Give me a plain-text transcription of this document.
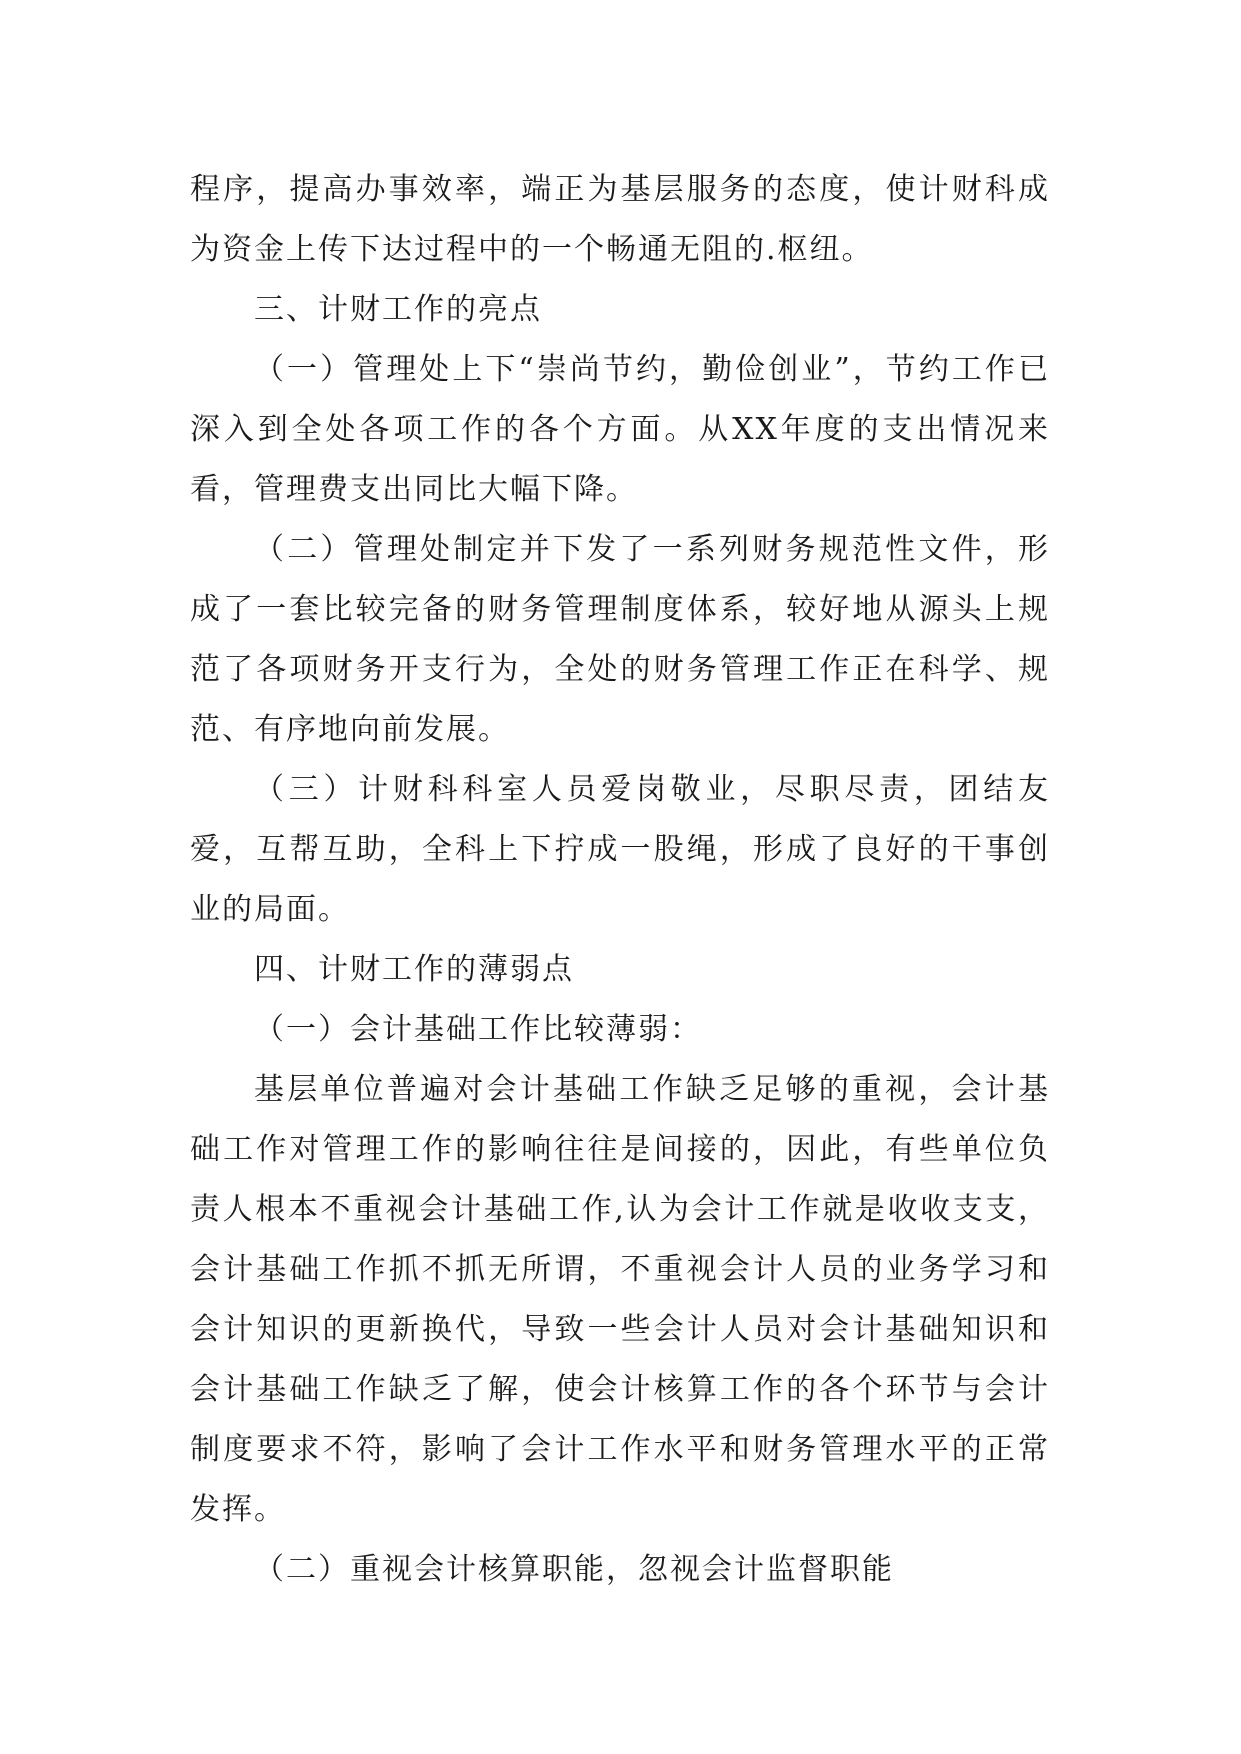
程序，提高办事效率，端正为基层服务的态度，使计财科成为资金上传下达过程中的一个畅通无阻的.枢纽。

三、计财工作的亮点

（一）管理处上下“崇尚节约，勤俭创业”，节约工作已深入到全处各项工作的各个方面。从XX年度的支出情况来看，管理费支出同比大幅下降。

（二）管理处制定并下发了一系列财务规范性文件，形成了一套比较完备的财务管理制度体系，较好地从源头上规范了各项财务开支行为，全处的财务管理工作正在科学、规范、有序地向前发展。

（三）计财科科室人员爱岗敬业，尽职尽责，团结友爱，互帮互助，全科上下拧成一股绳，形成了良好的干事创业的局面。

四、计财工作的薄弱点

（一）会计基础工作比较薄弱：

基层单位普遍对会计基础工作缺乏足够的重视，会计基础工作对管理工作的影响往往是间接的，因此，有些单位负责人根本不重视会计基础工作,认为会计工作就是收收支支，会计基础工作抓不抓无所谓，不重视会计人员的业务学习和会计知识的更新换代，导致一些会计人员对会计基础知识和会计基础工作缺乏了解，使会计核算工作的各个环节与会计制度要求不符，影响了会计工作水平和财务管理水平的正常发挥。

（二）重视会计核算职能，忽视会计监督职能
